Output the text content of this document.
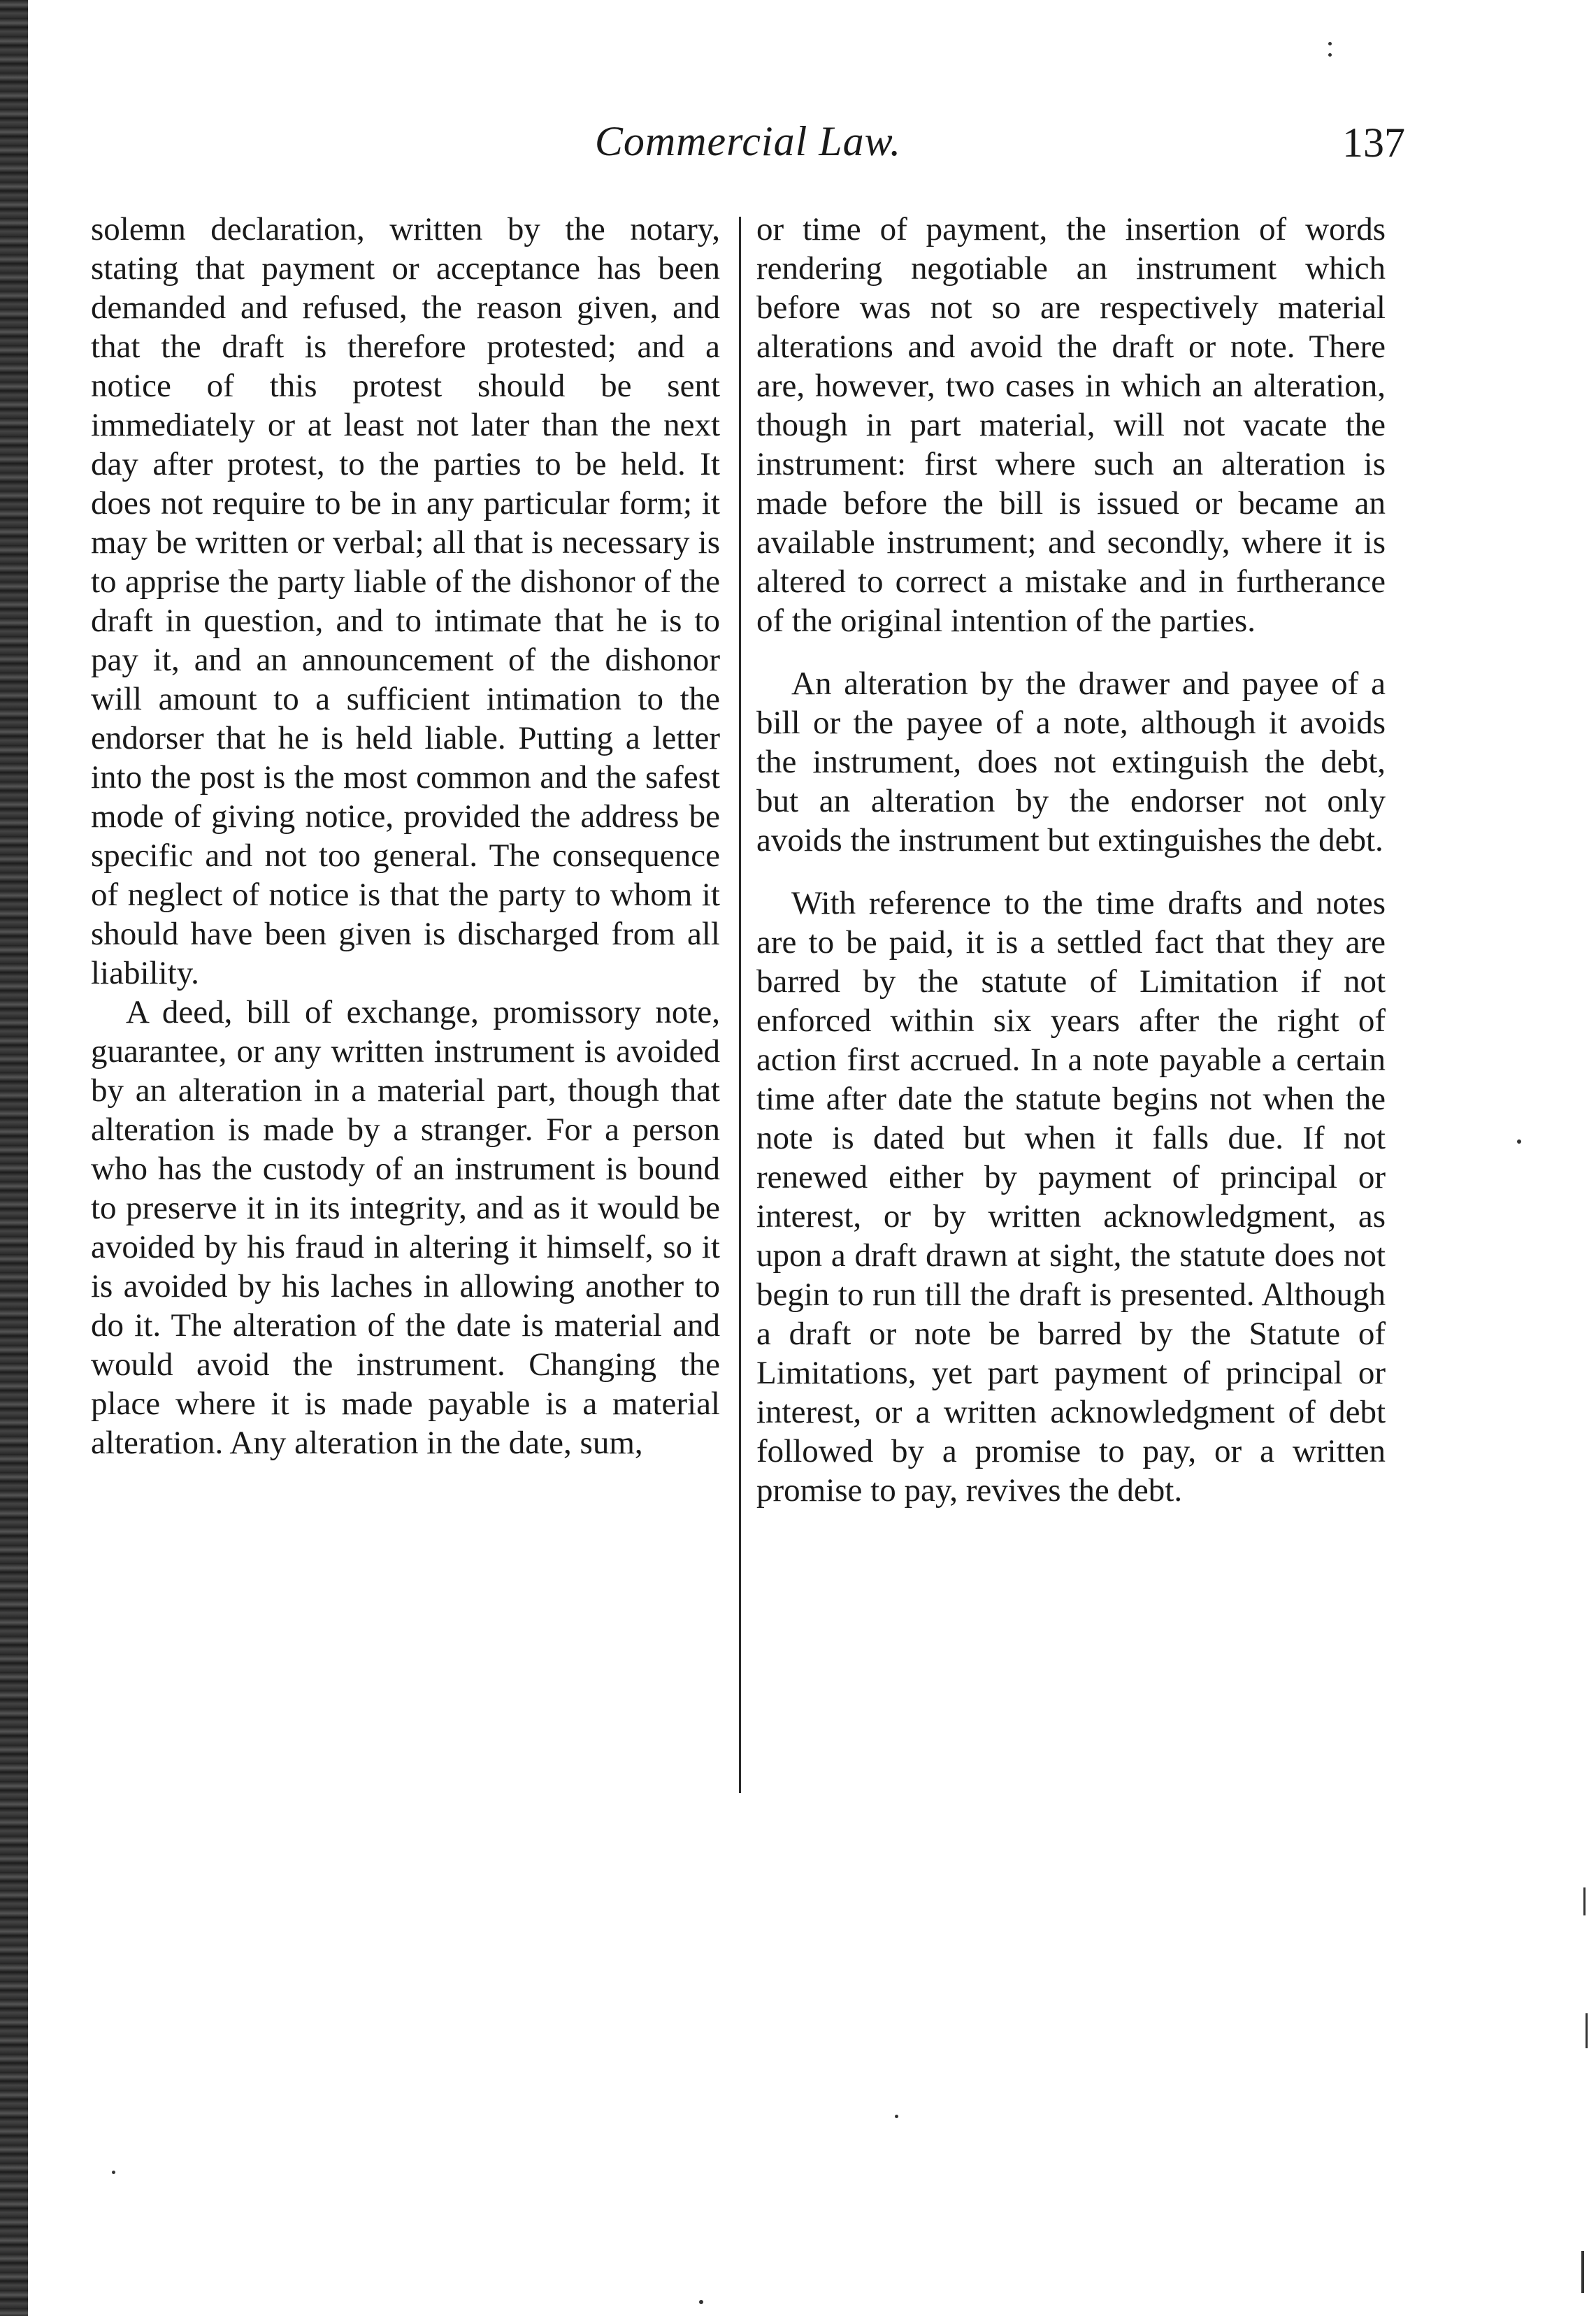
Commercial Law.	137

solemn declaration, written by the notary, stating that payment or acceptance has been demanded and refused, the reason given, and that the draft is therefore protested; and a notice of this protest should be sent immediately or at least not later than the next day after protest, to the parties to be held. It does not require to be in any particular form; it may be written or verbal; all that is necessary is to apprise the party liable of the dishonor of the draft in question, and to intimate that he is to pay it, and an announcement of the dishonor will amount to a sufficient intimation to the endorser that he is held liable. Putting a letter into the post is the most common and the safest mode of giving notice, provided the address be specific and not too general. The consequence of neglect of notice is that the party to whom it should have been given is discharged from all liability.

A deed, bill of exchange, promissory note, guarantee, or any written instrument is avoided by an alteration in a material part, though that alteration is made by a stranger. For a person who has the custody of an instrument is bound to preserve it in its integrity, and as it would be avoided by his fraud in altering it himself, so it is avoided by his laches in allowing another to do it. The alteration of the date is material and would avoid the instrument. Changing the place where it is made payable is a material alteration. Any alteration in the date, sum,

or time of payment, the insertion of words rendering negotiable an instrument which before was not so are respectively material alterations and avoid the draft or note. There are, however, two cases in which an alteration, though in part material, will not vacate the instrument: first where such an alteration is made before the bill is issued or became an available instrument; and secondly, where it is altered to correct a mistake and in furtherance of the original intention of the parties.

An alteration by the drawer and payee of a bill or the payee of a note, although it avoids the instrument, does not extinguish the debt, but an alteration by the endorser not only avoids the instrument but extinguishes the debt.

With reference to the time drafts and notes are to be paid, it is a settled fact that they are barred by the statute of Limitation if not enforced within six years after the right of action first accrued. In a note payable a certain time after date the statute begins not when the note is dated but when it falls due. If not renewed either by payment of principal or interest, or by written acknowledgment, as upon a draft drawn at sight, the statute does not begin to run till the draft is presented. Although a draft or note be barred by the Statute of Limitations, yet part payment of principal or interest, or a written acknowledgment of debt followed by a promise to pay, or a written promise to pay, revives the debt.
